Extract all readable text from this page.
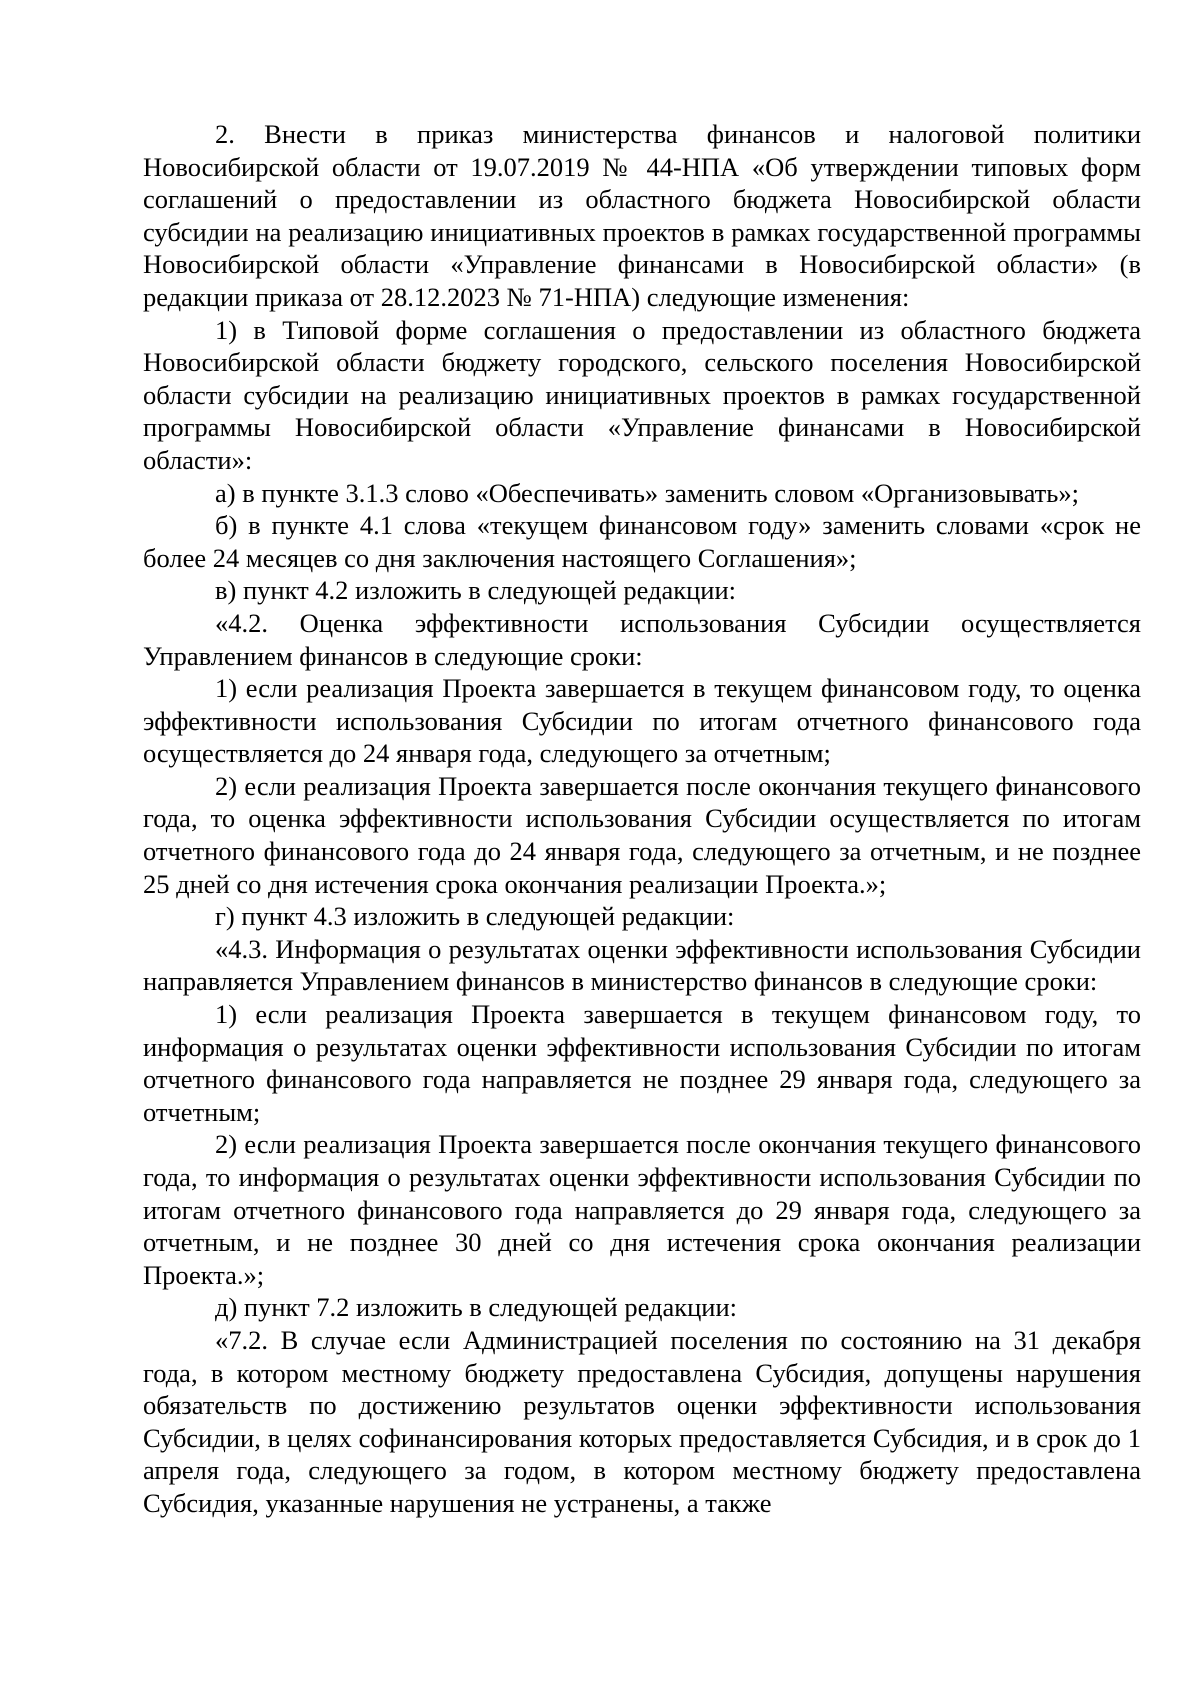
2. Внести в приказ министерства финансов и налоговой политики Новосибирской области от 19.07.2019 № 44-НПА «Об утверждении типовых форм соглашений о предоставлении из областного бюджета Новосибирской области субсидии на реализацию инициативных проектов в рамках государственной программы Новосибирской области «Управление финансами в Новосибирской области» (в редакции приказа от 28.12.2023 № 71-НПА) следующие изменения:

1) в Типовой форме соглашения о предоставлении из областного бюджета Новосибирской области бюджету городского, сельского поселения Новосибирской области субсидии на реализацию инициативных проектов в рамках государственной программы Новосибирской области «Управление финансами в Новосибирской области»:

а) в пункте 3.1.3 слово «Обеспечивать» заменить словом «Организовывать»;

б) в пункте 4.1 слова «текущем финансовом году» заменить словами «срок не более 24 месяцев со дня заключения настоящего Соглашения»;

в) пункт 4.2 изложить в следующей редакции:

«4.2. Оценка эффективности использования Субсидии осуществляется Управлением финансов в следующие сроки:

1) если реализация Проекта завершается в текущем финансовом году, то оценка эффективности использования Субсидии по итогам отчетного финансового года осуществляется до 24 января года, следующего за отчетным;

2) если реализация Проекта завершается после окончания текущего финансового года, то оценка эффективности использования Субсидии осуществляется по итогам отчетного финансового года до 24 января года, следующего за отчетным, и не позднее 25 дней со дня истечения срока окончания реализации Проекта.»;

г) пункт 4.3 изложить в следующей редакции:

«4.3. Информация о результатах оценки эффективности использования Субсидии направляется Управлением финансов в министерство финансов в следующие сроки:

1) если реализация Проекта завершается в текущем финансовом году, то информация о результатах оценки эффективности использования Субсидии по итогам отчетного финансового года направляется не позднее 29 января года, следующего за отчетным;

2) если реализация Проекта завершается после окончания текущего финансового года, то информация о результатах оценки эффективности использования Субсидии по итогам отчетного финансового года направляется до 29 января года, следующего за отчетным, и не позднее 30 дней со дня истечения срока окончания реализации Проекта.»;

д) пункт 7.2 изложить в следующей редакции:

«7.2. В случае если Администрацией поселения по состоянию на 31 декабря года, в котором местному бюджету предоставлена Субсидия, допущены нарушения обязательств по достижению результатов оценки эффективности использования Субсидии, в целях софинансирования которых предоставляется Субсидия, и в срок до 1 апреля года, следующего за годом, в котором местному бюджету предоставлена Субсидия, указанные нарушения не устранены, а также
